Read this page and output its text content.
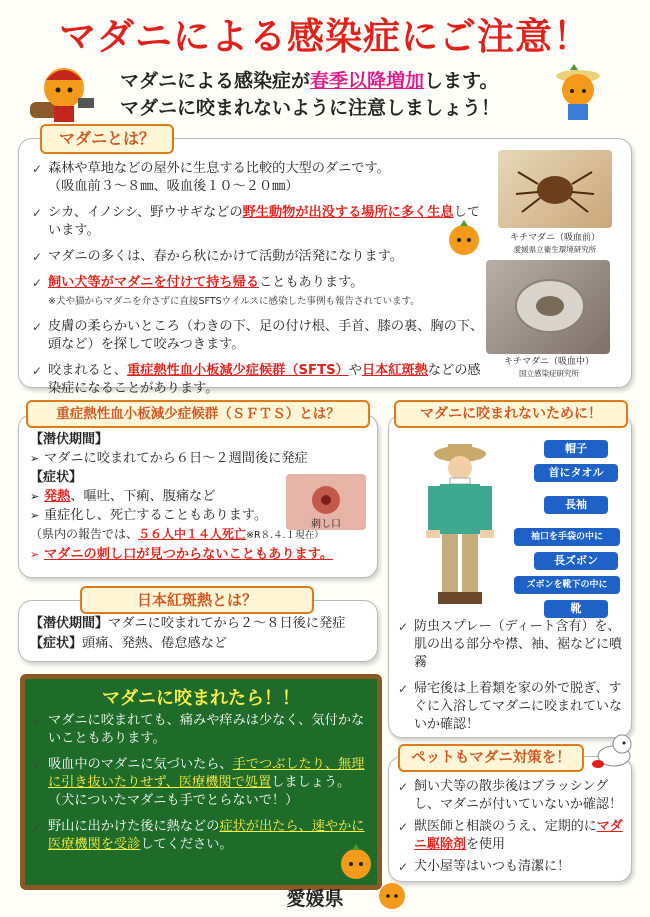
マダニによる感染症にご注意！
マダニによる感染症が春季以降増加します。
マダニに咬まれないように注意しましょう！
マダニとは？
✓ 森林や草地などの屋外に生息する比較的大型のダニです。
（吸血前３～８㎜、吸血後１０～２０㎜）
✓ シカ、イノシシ、野ウサギなどの野生動物が出没する場所に多く生息しています。
✓ マダニの多くは、春から秋にかけて活動が活発になります。
✓ 飼い犬等がマダニを付けて持ち帰ることもあります。
※犬や猫からマダニを介さずに直接SFTSウイルスに感染した事例も報告されています。
✓ 皮膚の柔らかいところ（わきの下、足の付け根、手首、膝の裏、胸の下、頭など）を探して咬みつきます。
✓ 咬まれると、重症熱性血小板減少症候群（SFTS）や日本紅斑熱などの感染症になることがあります。
キチマダニ（吸血前）
愛媛県立衛生環境研究所
キチマダニ（吸血中）
国立感染症研究所
重症熱性血小板減少症候群（ＳＦＴＳ）とは？
【潜伏期間】
➢ マダニに咬まれてから６日～２週間後に発症
【症状】
➢ 発熱、嘔吐、下痢、腹痛など
➢ 重症化し、死亡することもあります。
（県内の報告では、５６人中１４人死亡※R８.４.１現在）
➢ マダニの刺し口が見つからないこともあります。
刺し口
日本紅斑熱とは？
【潜伏期間】マダニに咬まれてから２～８日後に発症
【症状】頭痛、発熱、倦怠感など
マダニに咬まれないために！
帽子
首にタオル
長袖
袖口を手袋の中に
長ズボン
ズボンを靴下の中に
靴
✓ 防虫スプレー（ディート含有）を、肌の出る部分や襟、袖、裾などに噴霧
✓ 帰宅後は上着類を家の外で脱ぎ、すぐに入浴してマダニに咬まれていないか確認！
マダニに咬まれたら！！
✓ マダニに咬まれても、痛みや痒みは少なく、気付かないこともあります。
✓ 吸血中のマダニに気づいたら、手でつぶしたり、無理に引き抜いたりせず、医療機関で処置しましょう。（犬についたマダニも手でとらないで！）
✓ 野山に出かけた後に熱などの症状が出たら、速やかに医療機関を受診してください。
ペットもマダニ対策を！
✓ 飼い犬等の散歩後はブラッシングし、マダニが付いていないか確認！
✓ 獣医師と相談のうえ、定期的にマダニ駆除剤を使用
✓ 犬小屋等はいつも清潔に！
愛媛県
